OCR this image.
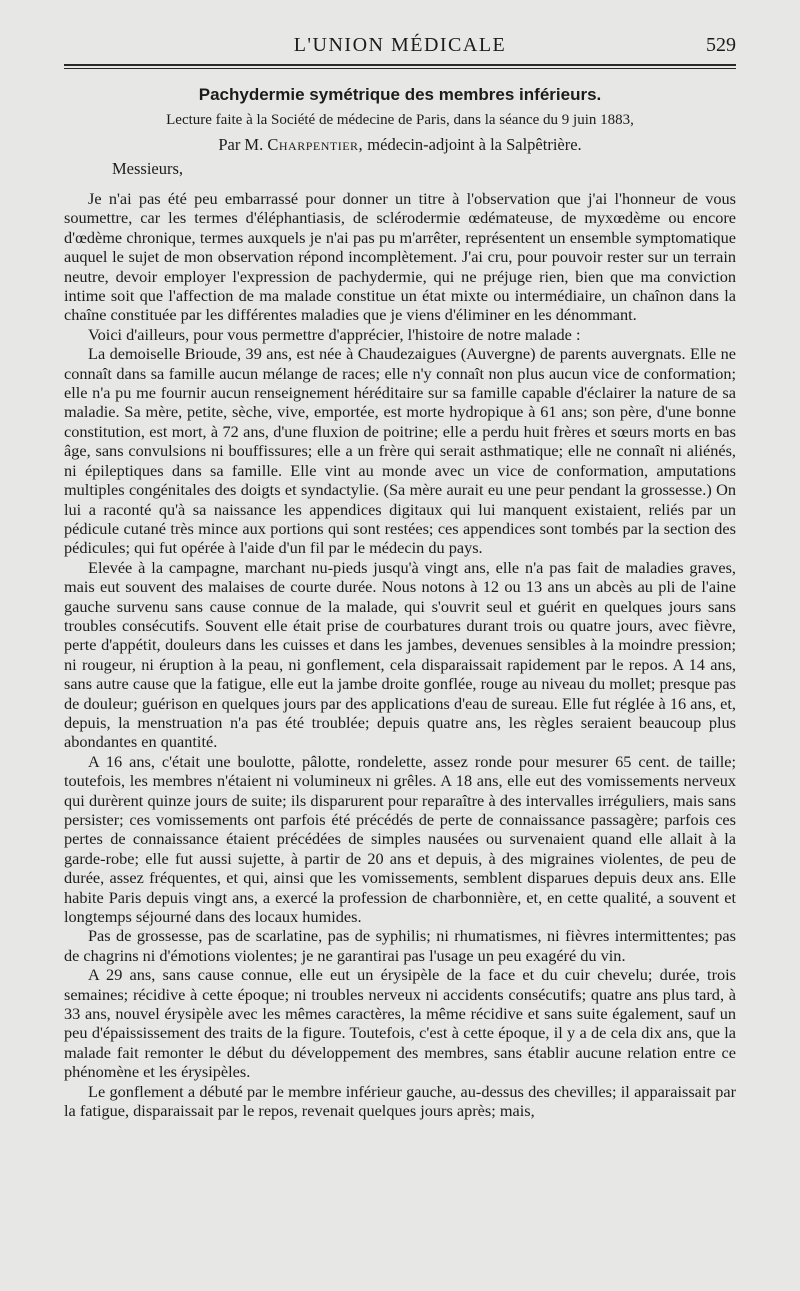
L'UNION MÉDICALE	529
Pachydermie symétrique des membres inférieurs.
Lecture faite à la Société de médecine de Paris, dans la séance du 9 juin 1883,
Par M. Charpentier, médecin-adjoint à la Salpêtrière.
Messieurs,

Je n'ai pas été peu embarrassé pour donner un titre à l'observation que j'ai l'honneur de vous soumettre, car les termes d'éléphantiasis, de sclérodermie œdémateuse, de myxœdème ou encore d'œdème chronique, termes auxquels je n'ai pas pu m'arrêter, représentent un ensemble symptomatique auquel le sujet de mon observation répond incomplètement. J'ai cru, pour pouvoir rester sur un terrain neutre, devoir employer l'expression de pachydermie, qui ne préjuge rien, bien que ma conviction intime soit que l'affection de ma malade constitue un état mixte ou intermédiaire, un chaînon dans la chaîne constituée par les différentes maladies que je viens d'éliminer en les dénommant.

Voici d'ailleurs, pour vous permettre d'apprécier, l'histoire de notre malade :

La demoiselle Brioude, 39 ans, est née à Chaudezaigues (Auvergne) de parents auvergnats. Elle ne connaît dans sa famille aucun mélange de races; elle n'y connaît non plus aucun vice de conformation; elle n'a pu me fournir aucun renseignement héréditaire sur sa famille capable d'éclairer la nature de sa maladie. Sa mère, petite, sèche, vive, emportée, est morte hydropique à 61 ans; son père, d'une bonne constitution, est mort, à 72 ans, d'une fluxion de poitrine; elle a perdu huit frères et sœurs morts en bas âge, sans convulsions ni bouffissures; elle a un frère qui serait asthmatique; elle ne connaît ni aliénés, ni épileptiques dans sa famille. Elle vint au monde avec un vice de conformation, amputations multiples congénitales des doigts et syndactylie. (Sa mère aurait eu une peur pendant la grossesse.) On lui a raconté qu'à sa naissance les appendices digitaux qui lui manquent existaient, reliés par un pédicule cutané très mince aux portions qui sont restées; ces appendices sont tombés par la section des pédicules; qui fut opérée à l'aide d'un fil par le médecin du pays.

Elevée à la campagne, marchant nu-pieds jusqu'à vingt ans, elle n'a pas fait de maladies graves, mais eut souvent des malaises de courte durée. Nous notons à 12 ou 13 ans un abcès au pli de l'aine gauche survenu sans cause connue de la malade, qui s'ouvrit seul et guérit en quelques jours sans troubles consécutifs. Souvent elle était prise de courbatures durant trois ou quatre jours, avec fièvre, perte d'appétit, douleurs dans les cuisses et dans les jambes, devenues sensibles à la moindre pression; ni rougeur, ni éruption à la peau, ni gonflement, cela disparaissait rapidement par le repos. A 14 ans, sans autre cause que la fatigue, elle eut la jambe droite gonflée, rouge au niveau du mollet; presque pas de douleur; guérison en quelques jours par des applications d'eau de sureau. Elle fut réglée à 16 ans, et, depuis, la menstruation n'a pas été troublée; depuis quatre ans, les règles seraient beaucoup plus abondantes en quantité.

A 16 ans, c'était une boulotte, pâlotte, rondelette, assez ronde pour mesurer 65 cent. de taille; toutefois, les membres n'étaient ni volumineux ni grêles. A 18 ans, elle eut des vomissements nerveux qui durèrent quinze jours de suite; ils disparurent pour reparaître à des intervalles irréguliers, mais sans persister; ces vomissements ont parfois été précédés de perte de connaissance passagère; parfois ces pertes de connaissance étaient précédées de simples nausées ou survenaient quand elle allait à la garde-robe; elle fut aussi sujette, à partir de 20 ans et depuis, à des migraines violentes, de peu de durée, assez fréquentes, et qui, ainsi que les vomissements, semblent disparues depuis deux ans. Elle habite Paris depuis vingt ans, a exercé la profession de charbonnière, et, en cette qualité, a souvent et longtemps séjourné dans des locaux humides.

Pas de grossesse, pas de scarlatine, pas de syphilis; ni rhumatismes, ni fièvres intermittentes; pas de chagrins ni d'émotions violentes; je ne garantirai pas l'usage un peu exagéré du vin.

A 29 ans, sans cause connue, elle eut un érysipèle de la face et du cuir chevelu; durée, trois semaines; récidive à cette époque; ni troubles nerveux ni accidents consécutifs; quatre ans plus tard, à 33 ans, nouvel érysipèle avec les mêmes caractères, la même récidive et sans suite également, sauf un peu d'épaississement des traits de la figure. Toutefois, c'est à cette époque, il y a de cela dix ans, que la malade fait remonter le début du développement des membres, sans établir aucune relation entre ce phénomène et les érysipèles.

Le gonflement a débuté par le membre inférieur gauche, au-dessus des chevilles; il apparaissait par la fatigue, disparaissait par le repos, revenait quelques jours après; mais,
